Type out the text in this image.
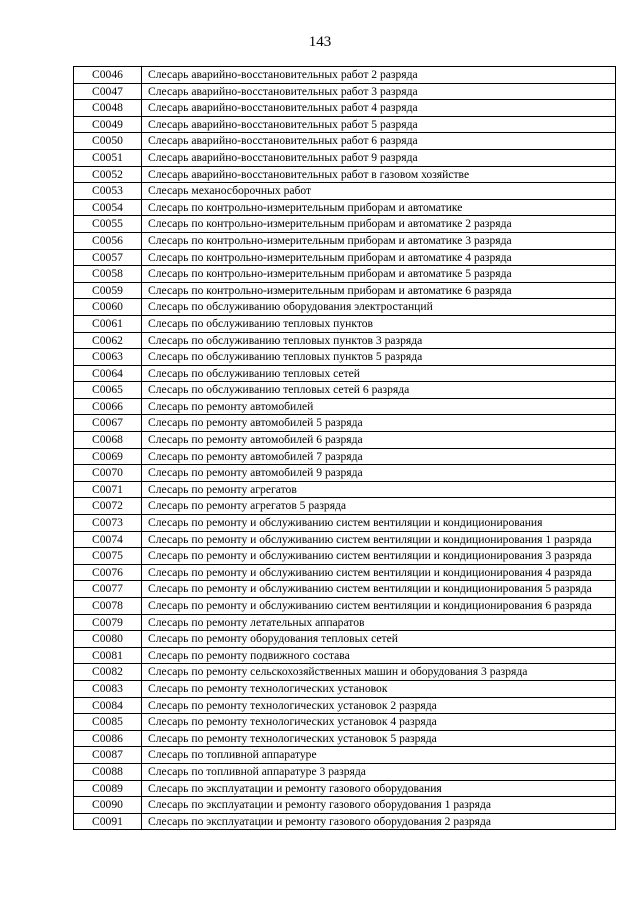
143
С0046	Слесарь аварийно-восстановительных работ 2 разряда
С0047	Слесарь аварийно-восстановительных работ 3 разряда
С0048	Слесарь аварийно-восстановительных работ 4 разряда
С0049	Слесарь аварийно-восстановительных работ 5 разряда
С0050	Слесарь аварийно-восстановительных работ 6 разряда
С0051	Слесарь аварийно-восстановительных работ 9 разряда
С0052	Слесарь аварийно-восстановительных работ в газовом хозяйстве
С0053	Слесарь механосборочных работ
С0054	Слесарь по контрольно-измерительным приборам и автоматике
С0055	Слесарь по контрольно-измерительным приборам и автоматике 2 разряда
С0056	Слесарь по контрольно-измерительным приборам и автоматике 3 разряда
С0057	Слесарь по контрольно-измерительным приборам и автоматике 4 разряда
С0058	Слесарь по контрольно-измерительным приборам и автоматике 5 разряда
С0059	Слесарь по контрольно-измерительным приборам и автоматике 6 разряда
С0060	Слесарь по обслуживанию оборудования электростанций
С0061	Слесарь по обслуживанию тепловых пунктов
С0062	Слесарь по обслуживанию тепловых пунктов 3 разряда
С0063	Слесарь по обслуживанию тепловых пунктов 5 разряда
С0064	Слесарь по обслуживанию тепловых сетей
С0065	Слесарь по обслуживанию тепловых сетей 6 разряда
С0066	Слесарь по ремонту автомобилей
С0067	Слесарь по ремонту автомобилей 5 разряда
С0068	Слесарь по ремонту автомобилей 6 разряда
С0069	Слесарь по ремонту автомобилей 7 разряда
С0070	Слесарь по ремонту автомобилей 9 разряда
С0071	Слесарь по ремонту агрегатов
С0072	Слесарь по ремонту агрегатов 5 разряда
С0073	Слесарь по ремонту и обслуживанию систем вентиляции и кондиционирования
С0074	Слесарь по ремонту и обслуживанию систем вентиляции и кондиционирования 1 разряда
С0075	Слесарь по ремонту и обслуживанию систем вентиляции и кондиционирования 3 разряда
С0076	Слесарь по ремонту и обслуживанию систем вентиляции и кондиционирования 4 разряда
С0077	Слесарь по ремонту и обслуживанию систем вентиляции и кондиционирования 5 разряда
С0078	Слесарь по ремонту и обслуживанию систем вентиляции и кондиционирования 6 разряда
С0079	Слесарь по ремонту летательных аппаратов
С0080	Слесарь по ремонту оборудования тепловых сетей
С0081	Слесарь по ремонту подвижного состава
С0082	Слесарь по ремонту сельскохозяйственных машин и оборудования 3 разряда
С0083	Слесарь по ремонту технологических установок
С0084	Слесарь по ремонту технологических установок 2 разряда
С0085	Слесарь по ремонту технологических установок 4 разряда
С0086	Слесарь по ремонту технологических установок 5 разряда
С0087	Слесарь по топливной аппаратуре
С0088	Слесарь по топливной аппаратуре 3 разряда
С0089	Слесарь по эксплуатации и ремонту газового оборудования
С0090	Слесарь по эксплуатации и ремонту газового оборудования 1 разряда
С0091	Слесарь по эксплуатации и ремонту газового оборудования 2 разряда
